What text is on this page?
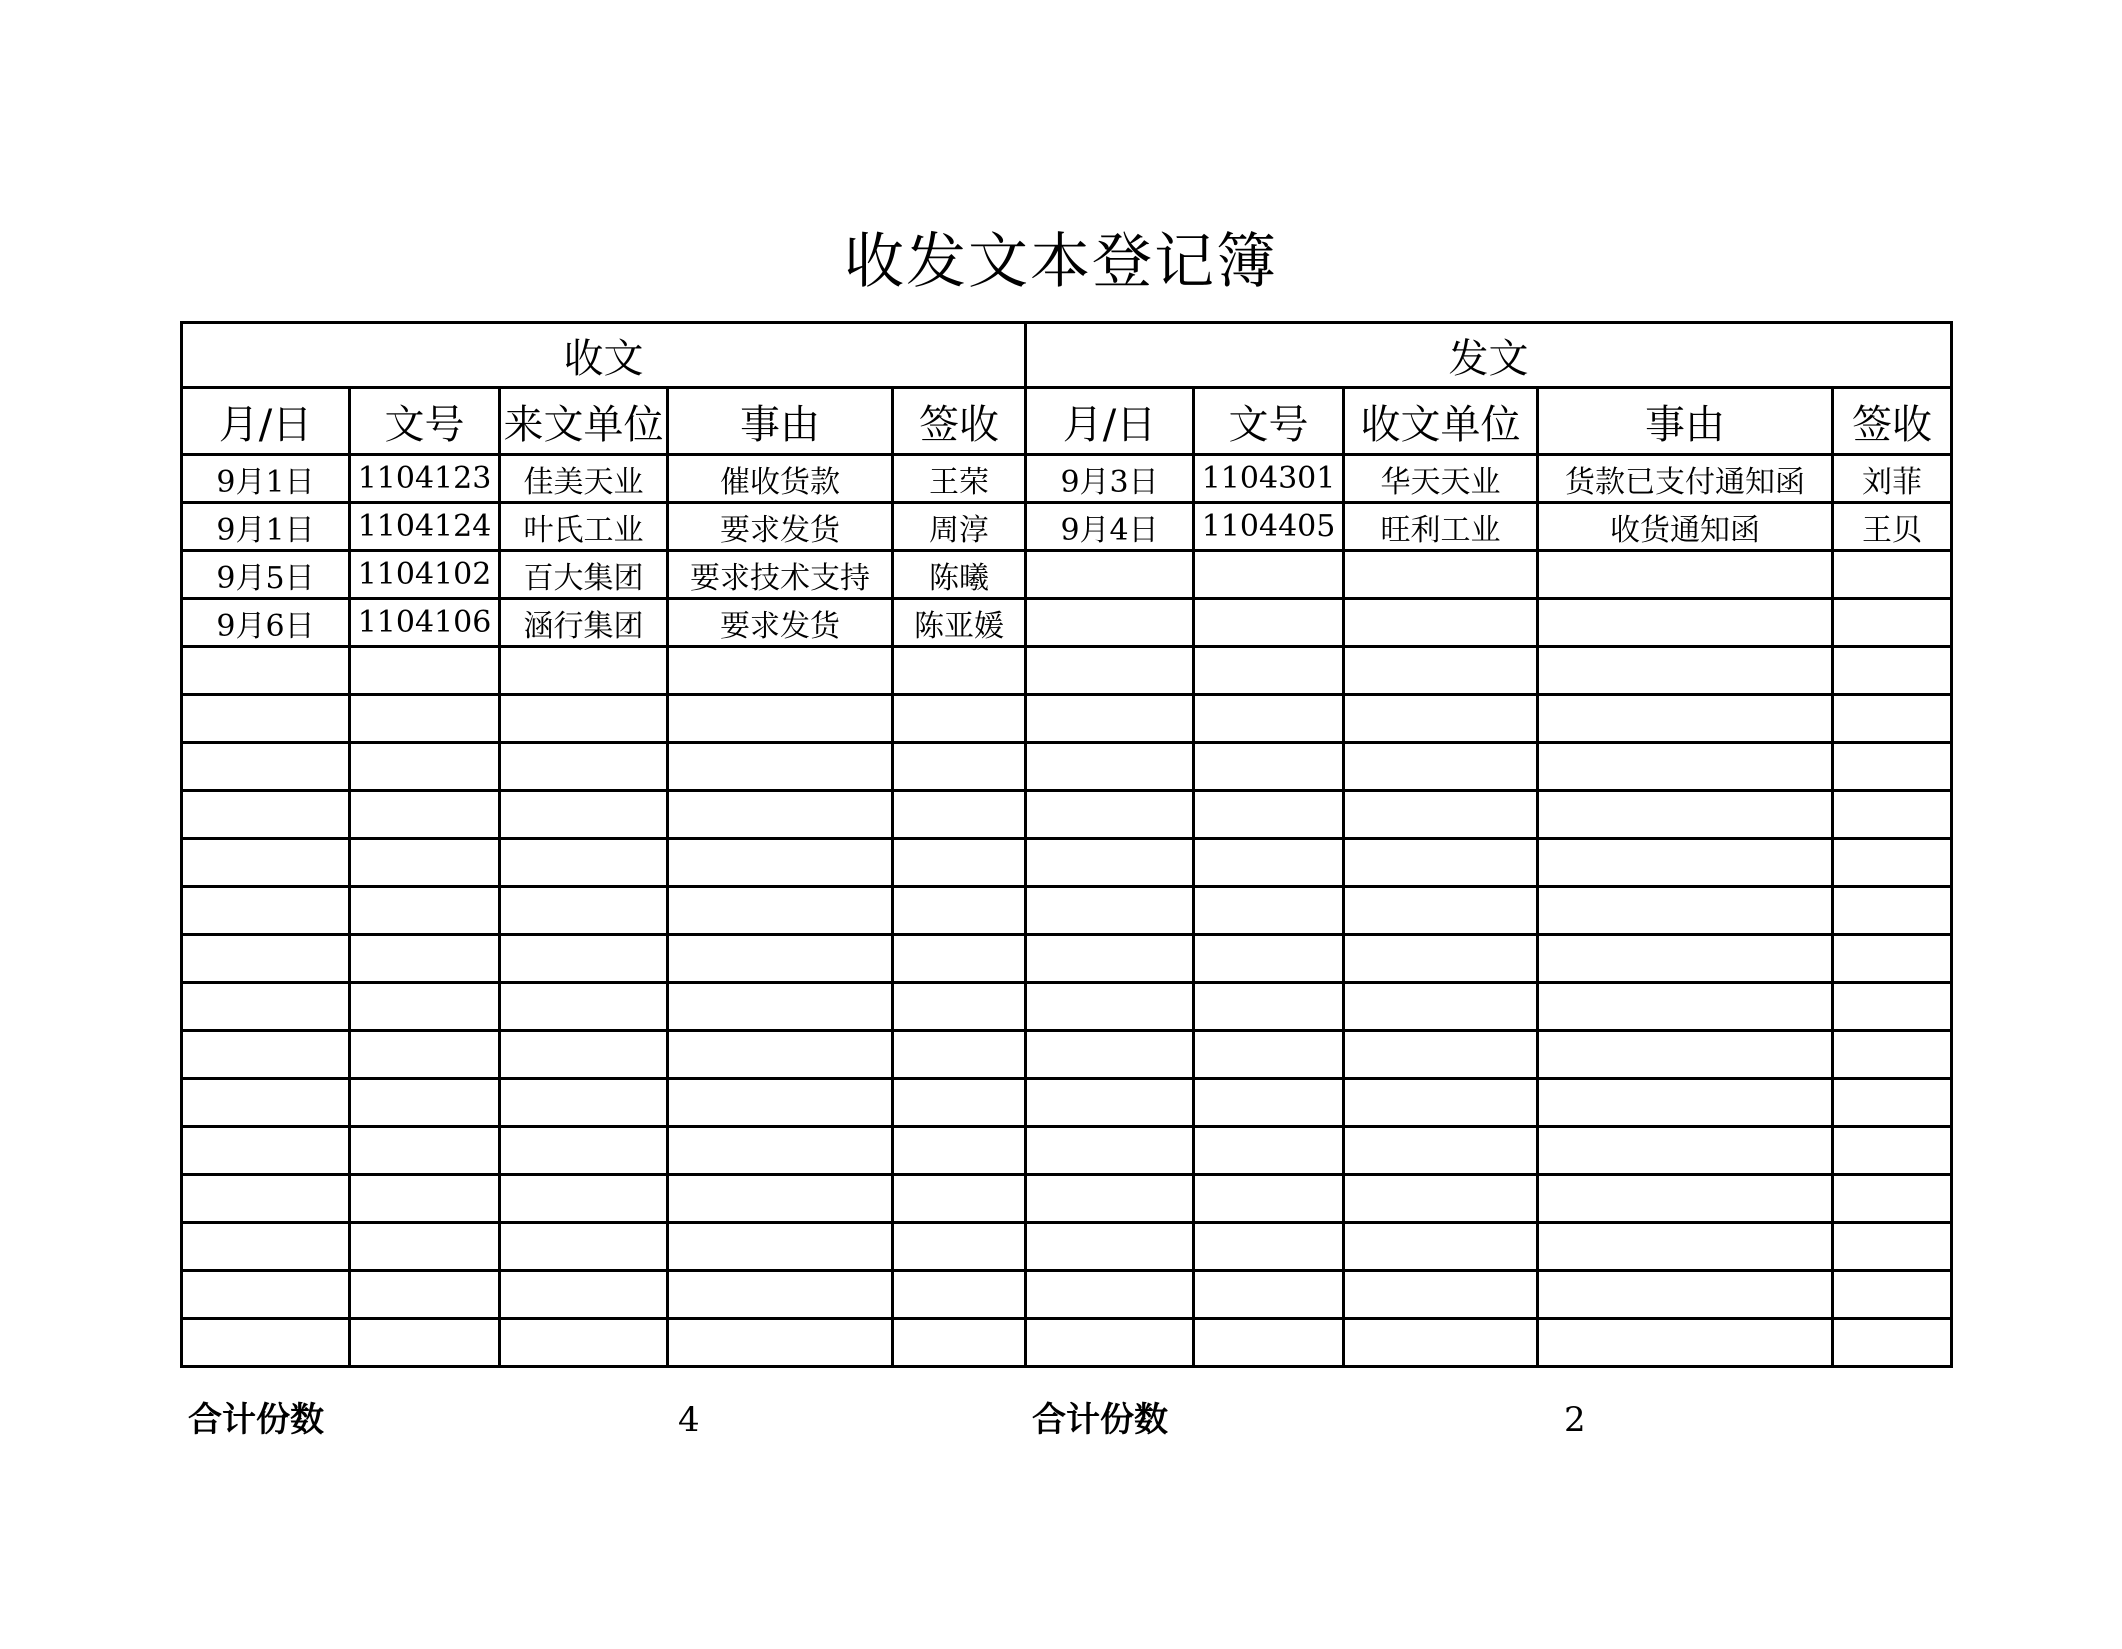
收发文本登记簿
收文					发文				
月/日	文号	来文单位	事由	签收	月/日	文号	收文单位	事由	签收
9月1日	1104123	佳美天业	催收货款	王荣	9月3日	1104301	华天天业	货款已支付通知函	刘菲
9月1日	1104124	叶氏工业	要求发货	周淳	9月4日	1104405	旺利工业	收货通知函	王贝
9月5日	1104102	百大集团	要求技术支持	陈曦					
9月6日	1104106	涵行集团	要求发货	陈亚媛					

合计份数	4	合计份数	2
